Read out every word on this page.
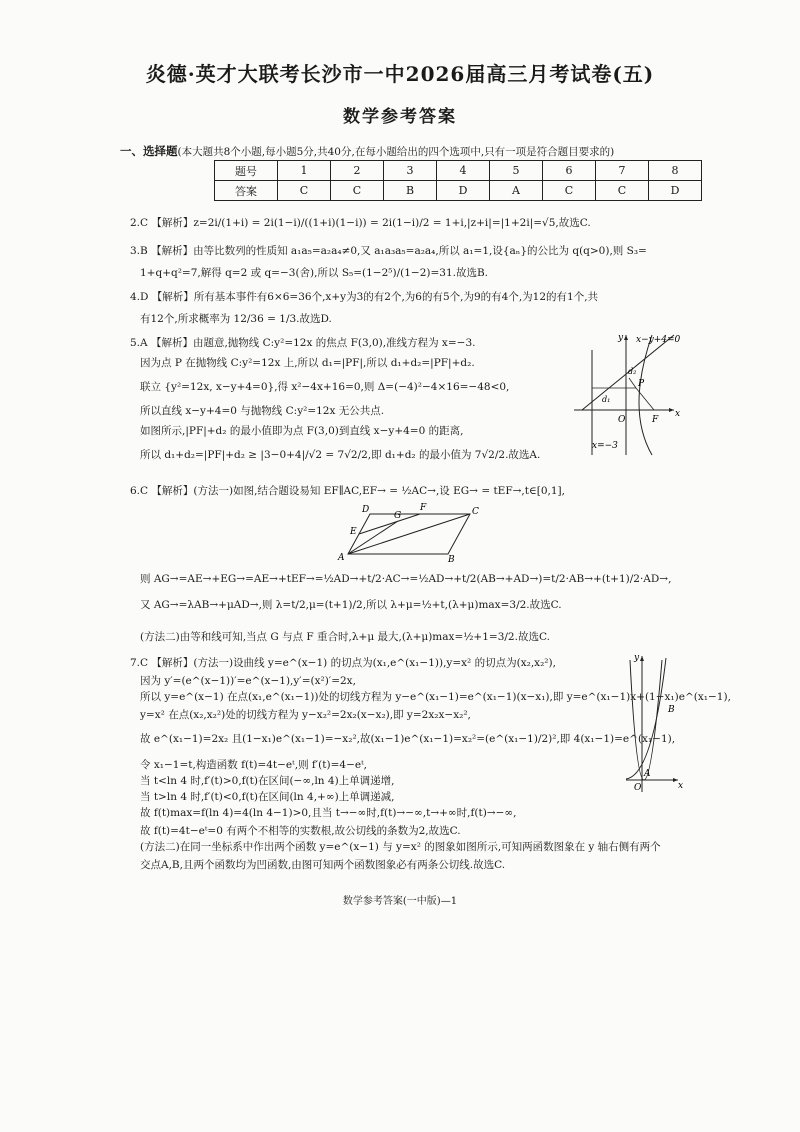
炎德·英才大联考长沙市一中2026届高三月考试卷(五)
数学参考答案
一、选择题(本大题共8个小题,每小题5分,共40分,在每小题给出的四个选项中,只有一项是符合题目要求的)
题号	1	2	3	4	5	6	7	8
答案	C	C	B	D	A	C	C	D
2.C 【解析】z=2i/(1+i) = 2i(1−i)/((1+i)(1−i)) = 2i(1−i)/2 = 1+i,|z+i|=|1+2i|=√5,故选C.
3.B 【解析】由等比数列的性质知 a₁a₅=a₂a₄≠0,又 a₁a₃a₅=a₂a₄,所以 a₁=1,设{aₙ}的公比为 q(q>0),则 S₃=
1+q+q²=7,解得 q=2 或 q=−3(舍),所以 S₅=(1−2⁵)/(1−2)=31.故选B.
4.D 【解析】所有基本事件有6×6=36个,x+y为3的有2个,为6的有5个,为9的有4个,为12的有1个,共
有12个,所求概率为 12/36 = 1/3.故选D.
5.A 【解析】由题意,抛物线 C:y²=12x 的焦点 F(3,0),准线方程为 x=−3.
因为点 P 在抛物线 C:y²=12x 上,所以 d₁=|PF|,所以 d₁+d₂=|PF|+d₂.
联立 {y²=12x, x−y+4=0},得 x²−4x+16=0,则 Δ=(−4)²−4×16=−48<0,
所以直线 x−y+4=0 与抛物线 C:y²=12x 无公共点.
如图所示,|PF|+d₂ 的最小值即为点 F(3,0)到直线 x−y+4=0 的距离,
所以 d₁+d₂=|PF|+d₂ ≥ |3−0+4|/√2 = 7√2/2,即 d₁+d₂ 的最小值为 7√2/2.故选A.
6.C 【解析】(方法一)如图,结合题设易知 EF∥AC,EF→ = ½AC→,设 EG→ = tEF→,t∈[0,1],
则 AG→=AE→+EG→=AE→+tEF→=½AD→+t/2·AC→=½AD→+t/2(AB→+AD→)=t/2·AB→+(t+1)/2·AD→,
又 AG→=λAB→+μAD→,则 λ=t/2,μ=(t+1)/2,所以 λ+μ=½+t,(λ+μ)max=3/2.故选C.
(方法二)由等和线可知,当点 G 与点 F 重合时,λ+μ 最大,(λ+μ)max=½+1=3/2.故选C.
7.C 【解析】(方法一)设曲线 y=e^(x−1) 的切点为(x₁,e^(x₁−1)),y=x² 的切点为(x₂,x₂²),
因为 y′=(e^(x−1))′=e^(x−1),y′=(x²)′=2x,
所以 y=e^(x−1) 在点(x₁,e^(x₁−1))处的切线方程为 y−e^(x₁−1)=e^(x₁−1)(x−x₁),即 y=e^(x₁−1)x+(1−x₁)e^(x₁−1),
y=x² 在点(x₂,x₂²)处的切线方程为 y−x₂²=2x₂(x−x₂),即 y=2x₂x−x₂²,
故 e^(x₁−1)=2x₂ 且(1−x₁)e^(x₁−1)=−x₂²,故(x₁−1)e^(x₁−1)=x₂²=(e^(x₁−1)/2)²,即 4(x₁−1)=e^(x₁−1),
令 x₁−1=t,构造函数 f(t)=4t−eᵗ,则 f′(t)=4−eᵗ,
当 t<ln 4 时,f′(t)>0,f(t)在区间(−∞,ln 4)上单调递增,
当 t>ln 4 时,f′(t)<0,f(t)在区间(ln 4,+∞)上单调递减,
故 f(t)max=f(ln 4)=4(ln 4−1)>0,且当 t→−∞时,f(t)→−∞,t→+∞时,f(t)→−∞,
故 f(t)=4t−eᵗ=0 有两个不相等的实数根,故公切线的条数为2,故选C.
(方法二)在同一坐标系中作出两个函数 y=e^(x−1) 与 y=x² 的图象如图所示,可知两函数图象在 y 轴右侧有两个
交点A,B,且两个函数均为凹函数,由图可知两个函数图象必有两条公切线.故选C.
x−y+4=0
x=−3
y
x
O	F
P
d₁
d₂
A	B
C
D
E
F
G
y
x
O
A
B
数学参考答案(一中版)—1
